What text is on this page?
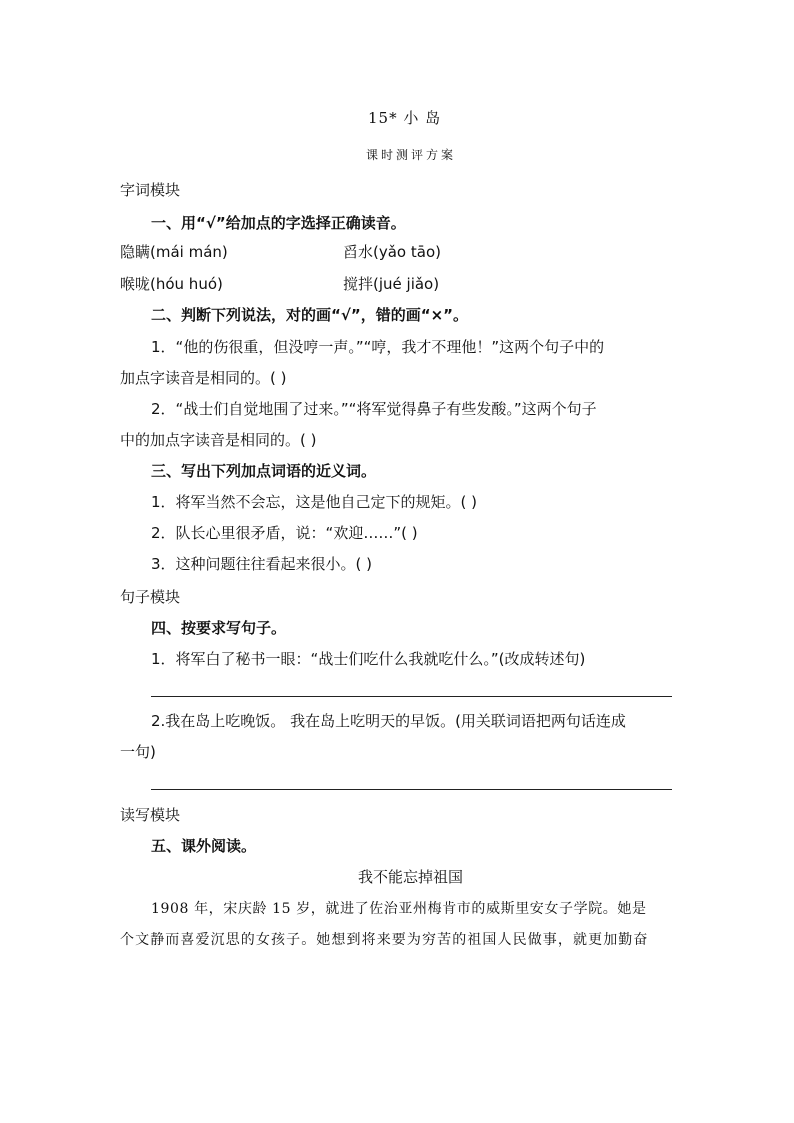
15* 小 岛
课时测评方案
字词模块
一、用“√”给加点的字选择正确读音。
隐瞒(mái mán)	舀水(yǎo tāo)
喉咙(hóu huó)	搅拌(jué jiǎo)
二、判断下列说法，对的画“√”，错的画“×”。
1．“他的伤很重，但没哼一声。”“哼，我才不理他！”这两个句子中的
加点字读音是相同的。( )
2．“战士们自觉地围了过来。”“将军觉得鼻子有些发酸。”这两个句子
中的加点字读音是相同的。( )
三、写出下列加点词语的近义词。
1．将军当然不会忘，这是他自己定下的规矩。( )
2．队长心里很矛盾，说：“欢迎……”( )
3．这种问题往往看起来很小。( )
句子模块
四、按要求写句子。
1．将军白了秘书一眼：“战士们吃什么我就吃什么。”(改成转述句)
2.我在岛上吃晚饭。 我在岛上吃明天的早饭。(用关联词语把两句话连成
一句)
读写模块
五、课外阅读。
我不能忘掉祖国
1908 年，宋庆龄 15 岁，就进了佐治亚州梅肯市的威斯里安女子学院。她是
个文静而喜爱沉思的女孩子。她想到将来要为穷苦的祖国人民做事，就更加勤奋
